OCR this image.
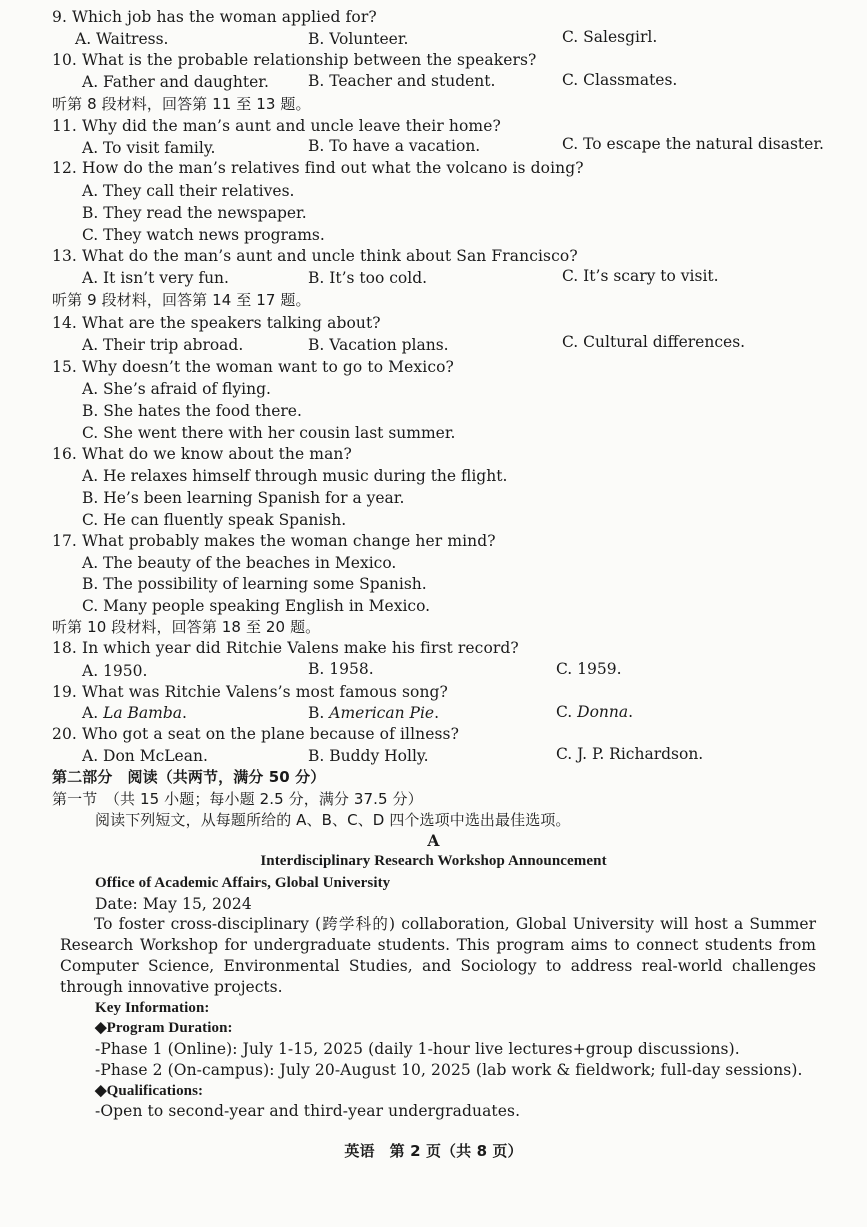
9. Which job has the woman applied for?
A. Waitress.	B. Volunteer.	C. Salesgirl.
10. What is the probable relationship between the speakers?
A. Father and daughter.	B. Teacher and student.	C. Classmates.
听第 8 段材料，回答第 11 至 13 题。
11. Why did the man’s aunt and uncle leave their home?
A. To visit family.	B. To have a vacation.	C. To escape the natural disaster.
12. How do the man’s relatives find out what the volcano is doing?
A. They call their relatives.
B. They read the newspaper.
C. They watch news programs.
13. What do the man’s aunt and uncle think about San Francisco?
A. It isn’t very fun.	B. It’s too cold.	C. It’s scary to visit.
听第 9 段材料，回答第 14 至 17 题。
14. What are the speakers talking about?
A. Their trip abroad.	B. Vacation plans.	C. Cultural differences.
15. Why doesn’t the woman want to go to Mexico?
A. She’s afraid of flying.
B. She hates the food there.
C. She went there with her cousin last summer.
16. What do we know about the man?
A. He relaxes himself through music during the flight.
B. He’s been learning Spanish for a year.
C. He can fluently speak Spanish.
17. What probably makes the woman change her mind?
A. The beauty of the beaches in Mexico.
B. The possibility of learning some Spanish.
C. Many people speaking English in Mexico.
听第 10 段材料，回答第 18 至 20 题。
18. In which year did Ritchie Valens make his first record?
A. 1950.	B. 1958.	C. 1959.
19. What was Ritchie Valens’s most famous song?
A. La Bamba.	B. American Pie.	C. Donna.
20. Who got a seat on the plane because of illness?
A. Don McLean.	B. Buddy Holly.	C. J. P. Richardson.
第二部分　阅读（共两节，满分 50 分）
第一节　（共 15 小题；每小题 2.5 分，满分 37.5 分）
阅读下列短文，从每题所给的 A、B、C、D 四个选项中选出最佳选项。
A
Interdisciplinary Research Workshop Announcement
Office of Academic Affairs, Global University
Date: May 15, 2024
To foster cross-disciplinary (跨学科的) collaboration, Global University will host a Summer Research Workshop for undergraduate students. This program aims to connect students from Computer Science, Environmental Studies, and Sociology to address real-world challenges through innovative projects.
Key Information:
◆Program Duration:
-Phase 1 (Online): July 1-15, 2025 (daily 1-hour live lectures+group discussions).
-Phase 2 (On-campus): July 20-August 10, 2025 (lab work & fieldwork; full-day sessions).
◆Qualifications:
-Open to second-year and third-year undergraduates.
英语　第 2 页（共 8 页）
